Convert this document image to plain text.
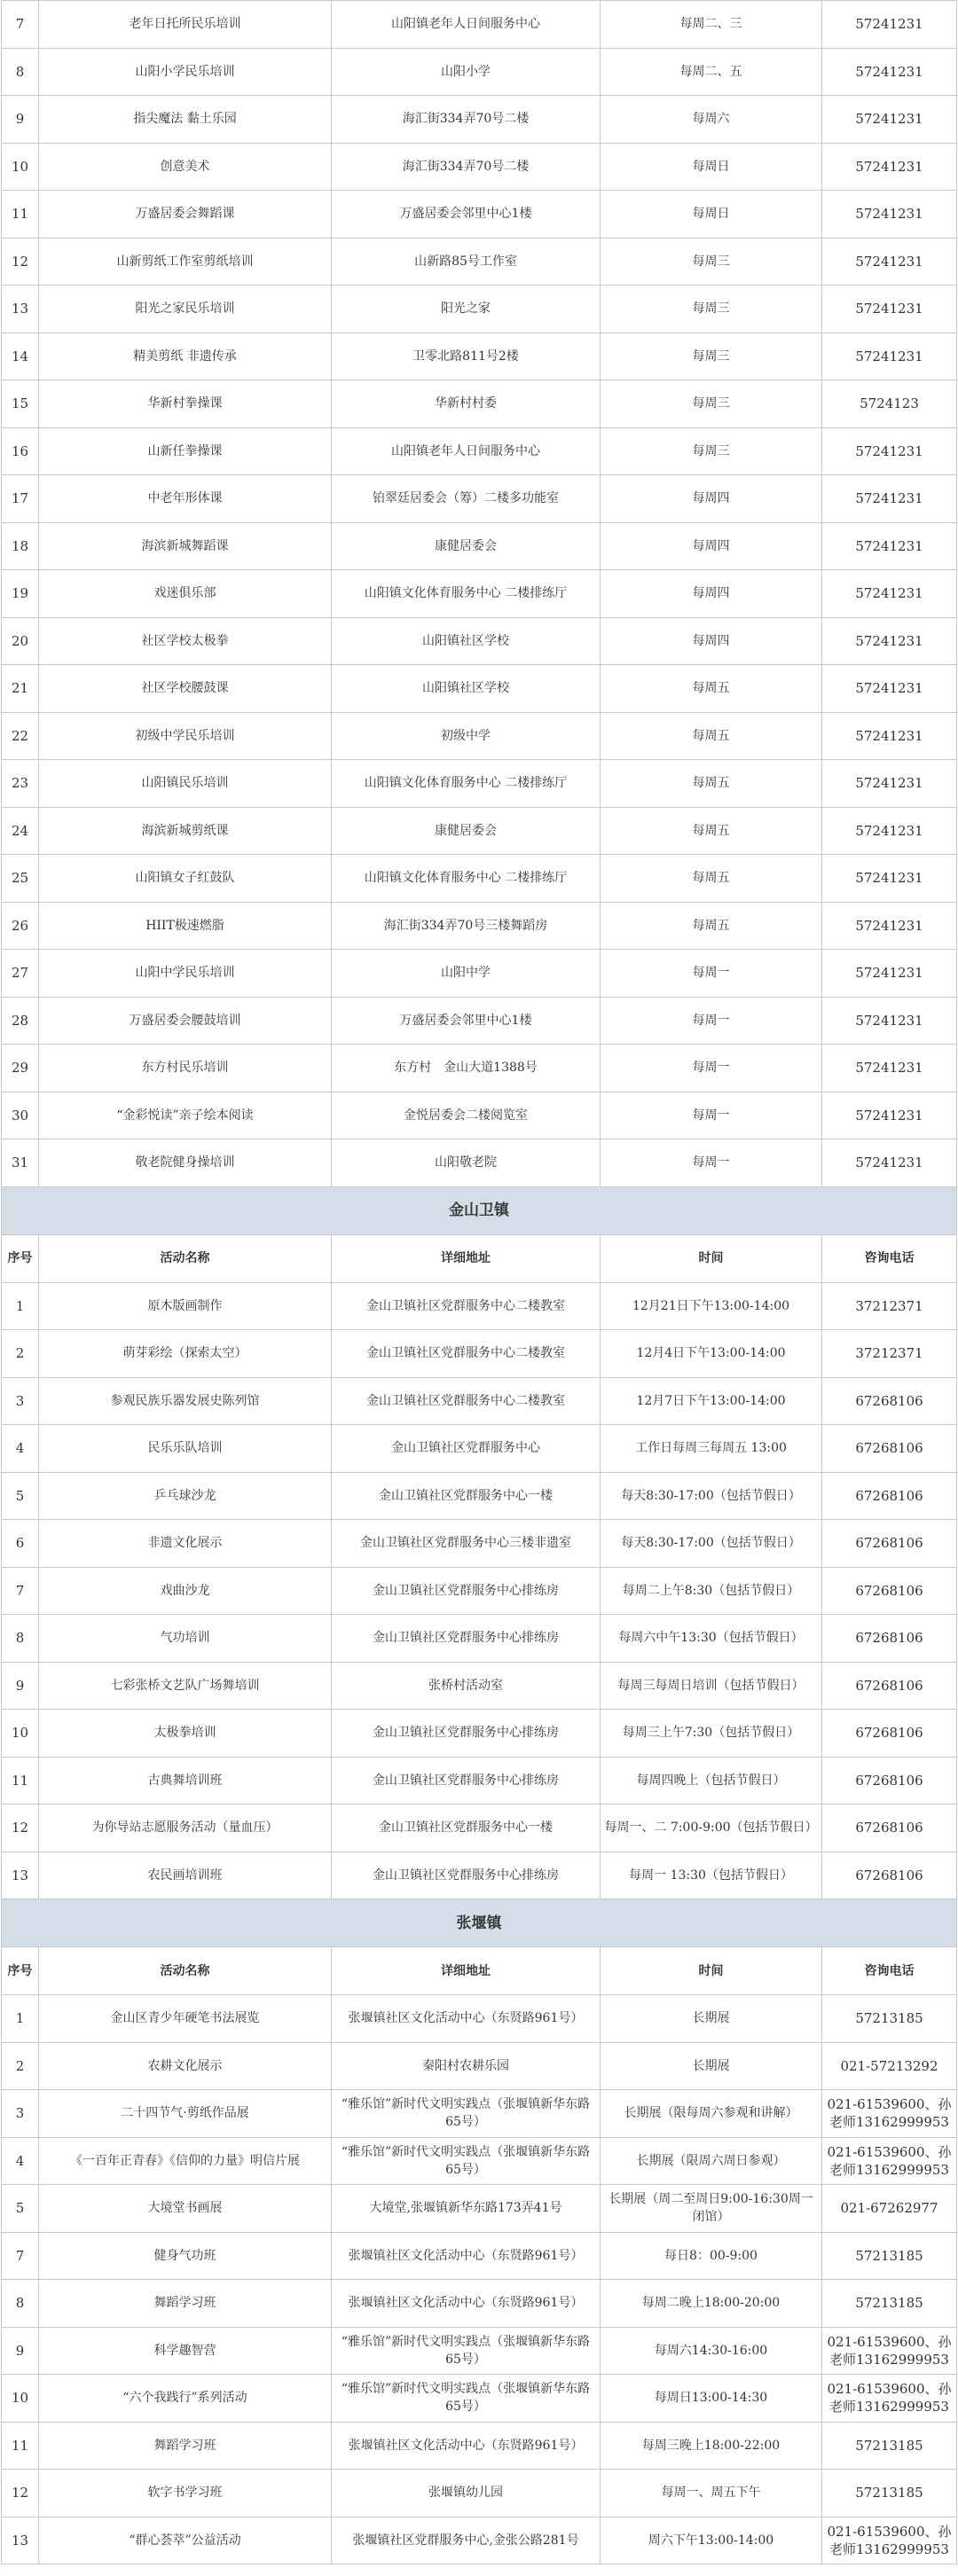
7	老年日托所民乐培训	山阳镇老年人日间服务中心	每周二、三	57241231
8	山阳小学民乐培训	山阳小学	每周二、五	57241231
9	指尖魔法 黏土乐园	海汇街334弄70号二楼	每周六	57241231
10	创意美术	海汇街334弄70号二楼	每周日	57241231
11	万盛居委会舞蹈课	万盛居委会邻里中心1楼	每周日	57241231
12	山新剪纸工作室剪纸培训	山新路85号工作室	每周三	57241231
13	阳光之家民乐培训	阳光之家	每周三	57241231
14	精美剪纸 非遗传承	卫零北路811号2楼	每周三	57241231
15	华新村拳操课	华新村村委	每周三	5724123
16	山新任拳操课	山阳镇老年人日间服务中心	每周三	57241231
17	中老年形体课	铂翠廷居委会（筹）二楼多功能室	每周四	57241231
18	海滨新城舞蹈课	康健居委会	每周四	57241231
19	戏迷俱乐部	山阳镇文化体育服务中心 二楼排练厅	每周四	57241231
20	社区学校太极拳	山阳镇社区学校	每周四	57241231
21	社区学校腰鼓课	山阳镇社区学校	每周五	57241231
22	初级中学民乐培训	初级中学	每周五	57241231
23	山阳镇民乐培训	山阳镇文化体育服务中心 二楼排练厅	每周五	57241231
24	海滨新城剪纸课	康健居委会	每周五	57241231
25	山阳镇女子红鼓队	山阳镇文化体育服务中心 二楼排练厅	每周五	57241231
26	HIIT极速燃脂	海汇街334弄70号三楼舞蹈房	每周五	57241231
27	山阳中学民乐培训	山阳中学	每周一	57241231
28	万盛居委会腰鼓培训	万盛居委会邻里中心1楼	每周一	57241231
29	东方村民乐培训	东方村　金山大道1388号	每周一	57241231
30	“金彩悦读”亲子绘本阅读	金悦居委会二楼阅览室	每周一	57241231
31	敬老院健身操培训	山阳敬老院	每周一	57241231
金山卫镇				
序号	活动名称	详细地址	时间	咨询电话
1	原木版画制作	金山卫镇社区党群服务中心二楼教室	12月21日下午13:00-14:00	37212371
2	萌芽彩绘（探索太空）	金山卫镇社区党群服务中心二楼教室	12月4日下午13:00-14:00	37212371
3	参观民族乐器发展史陈列馆	金山卫镇社区党群服务中心二楼教室	12月7日下午13:00-14:00	67268106
4	民乐乐队培训	金山卫镇社区党群服务中心	工作日每周三每周五 13:00	67268106
5	乒乓球沙龙	金山卫镇社区党群服务中心一楼	每天8:30-17:00（包括节假日）	67268106
6	非遗文化展示	金山卫镇社区党群服务中心三楼非遗室	每天8:30-17:00（包括节假日）	67268106
7	戏曲沙龙	金山卫镇社区党群服务中心排练房	每周二上午8:30（包括节假日）	67268106
8	气功培训	金山卫镇社区党群服务中心排练房	每周六中午13:30（包括节假日）	67268106
9	七彩张桥文艺队广场舞培训	张桥村活动室	每周三每周日培训（包括节假日）	67268106
10	太极拳培训	金山卫镇社区党群服务中心排练房	每周三上午7:30（包括节假日）	67268106
11	古典舞培训班	金山卫镇社区党群服务中心排练房	每周四晚上（包括节假日）	67268106
12	为你导站志愿服务活动（量血压）	金山卫镇社区党群服务中心一楼	每周一、二 7:00-9:00（包括节假日）	67268106
13	农民画培训班	金山卫镇社区党群服务中心排练房	每周一 13:30（包括节假日）	67268106
张堰镇				
序号	活动名称	详细地址	时间	咨询电话
1	金山区青少年硬笔书法展览	张堰镇社区文化活动中心（东贤路961号）	长期展	57213185
2	农耕文化展示	秦阳村农耕乐园	长期展	021-57213292
3	二十四节气·剪纸作品展	“雅乐馆”新时代文明实践点（张堰镇新华东路65号）	长期展（限每周六参观和讲解）	021-61539600、孙老师13162999953
4	《一百年正青春》《信仰的力量》明信片展	“雅乐馆”新时代文明实践点（张堰镇新华东路65号）	长期展（限周六周日参观）	021-61539600、孙老师13162999953
5	大境堂书画展	大境堂,张堰镇新华东路173弄41号	长期展（周二至周日9:00-16:30周一闭馆）	021-67262977
7	健身气功班	张堰镇社区文化活动中心（东贤路961号）	每日8：00-9:00	57213185
8	舞蹈学习班	张堰镇社区文化活动中心（东贤路961号）	每周二晚上18:00-20:00	57213185
9	科学趣智营	“雅乐馆”新时代文明实践点（张堰镇新华东路65号）	每周六14:30-16:00	021-61539600、孙老师13162999953
10	“六个我践行”系列活动	“雅乐馆”新时代文明实践点（张堰镇新华东路65号）	每周日13:00-14:30	021-61539600、孙老师13162999953
11	舞蹈学习班	张堰镇社区文化活动中心（东贤路961号）	每周三晚上18:00-22:00	57213185
12	软字书学习班	张堰镇幼儿园	每周一、周五下午	57213185
13	“群心荟萃”公益活动	张堰镇社区党群服务中心,金张公路281号	周六下午13:00-14:00	021-61539600、孙老师13162999953
